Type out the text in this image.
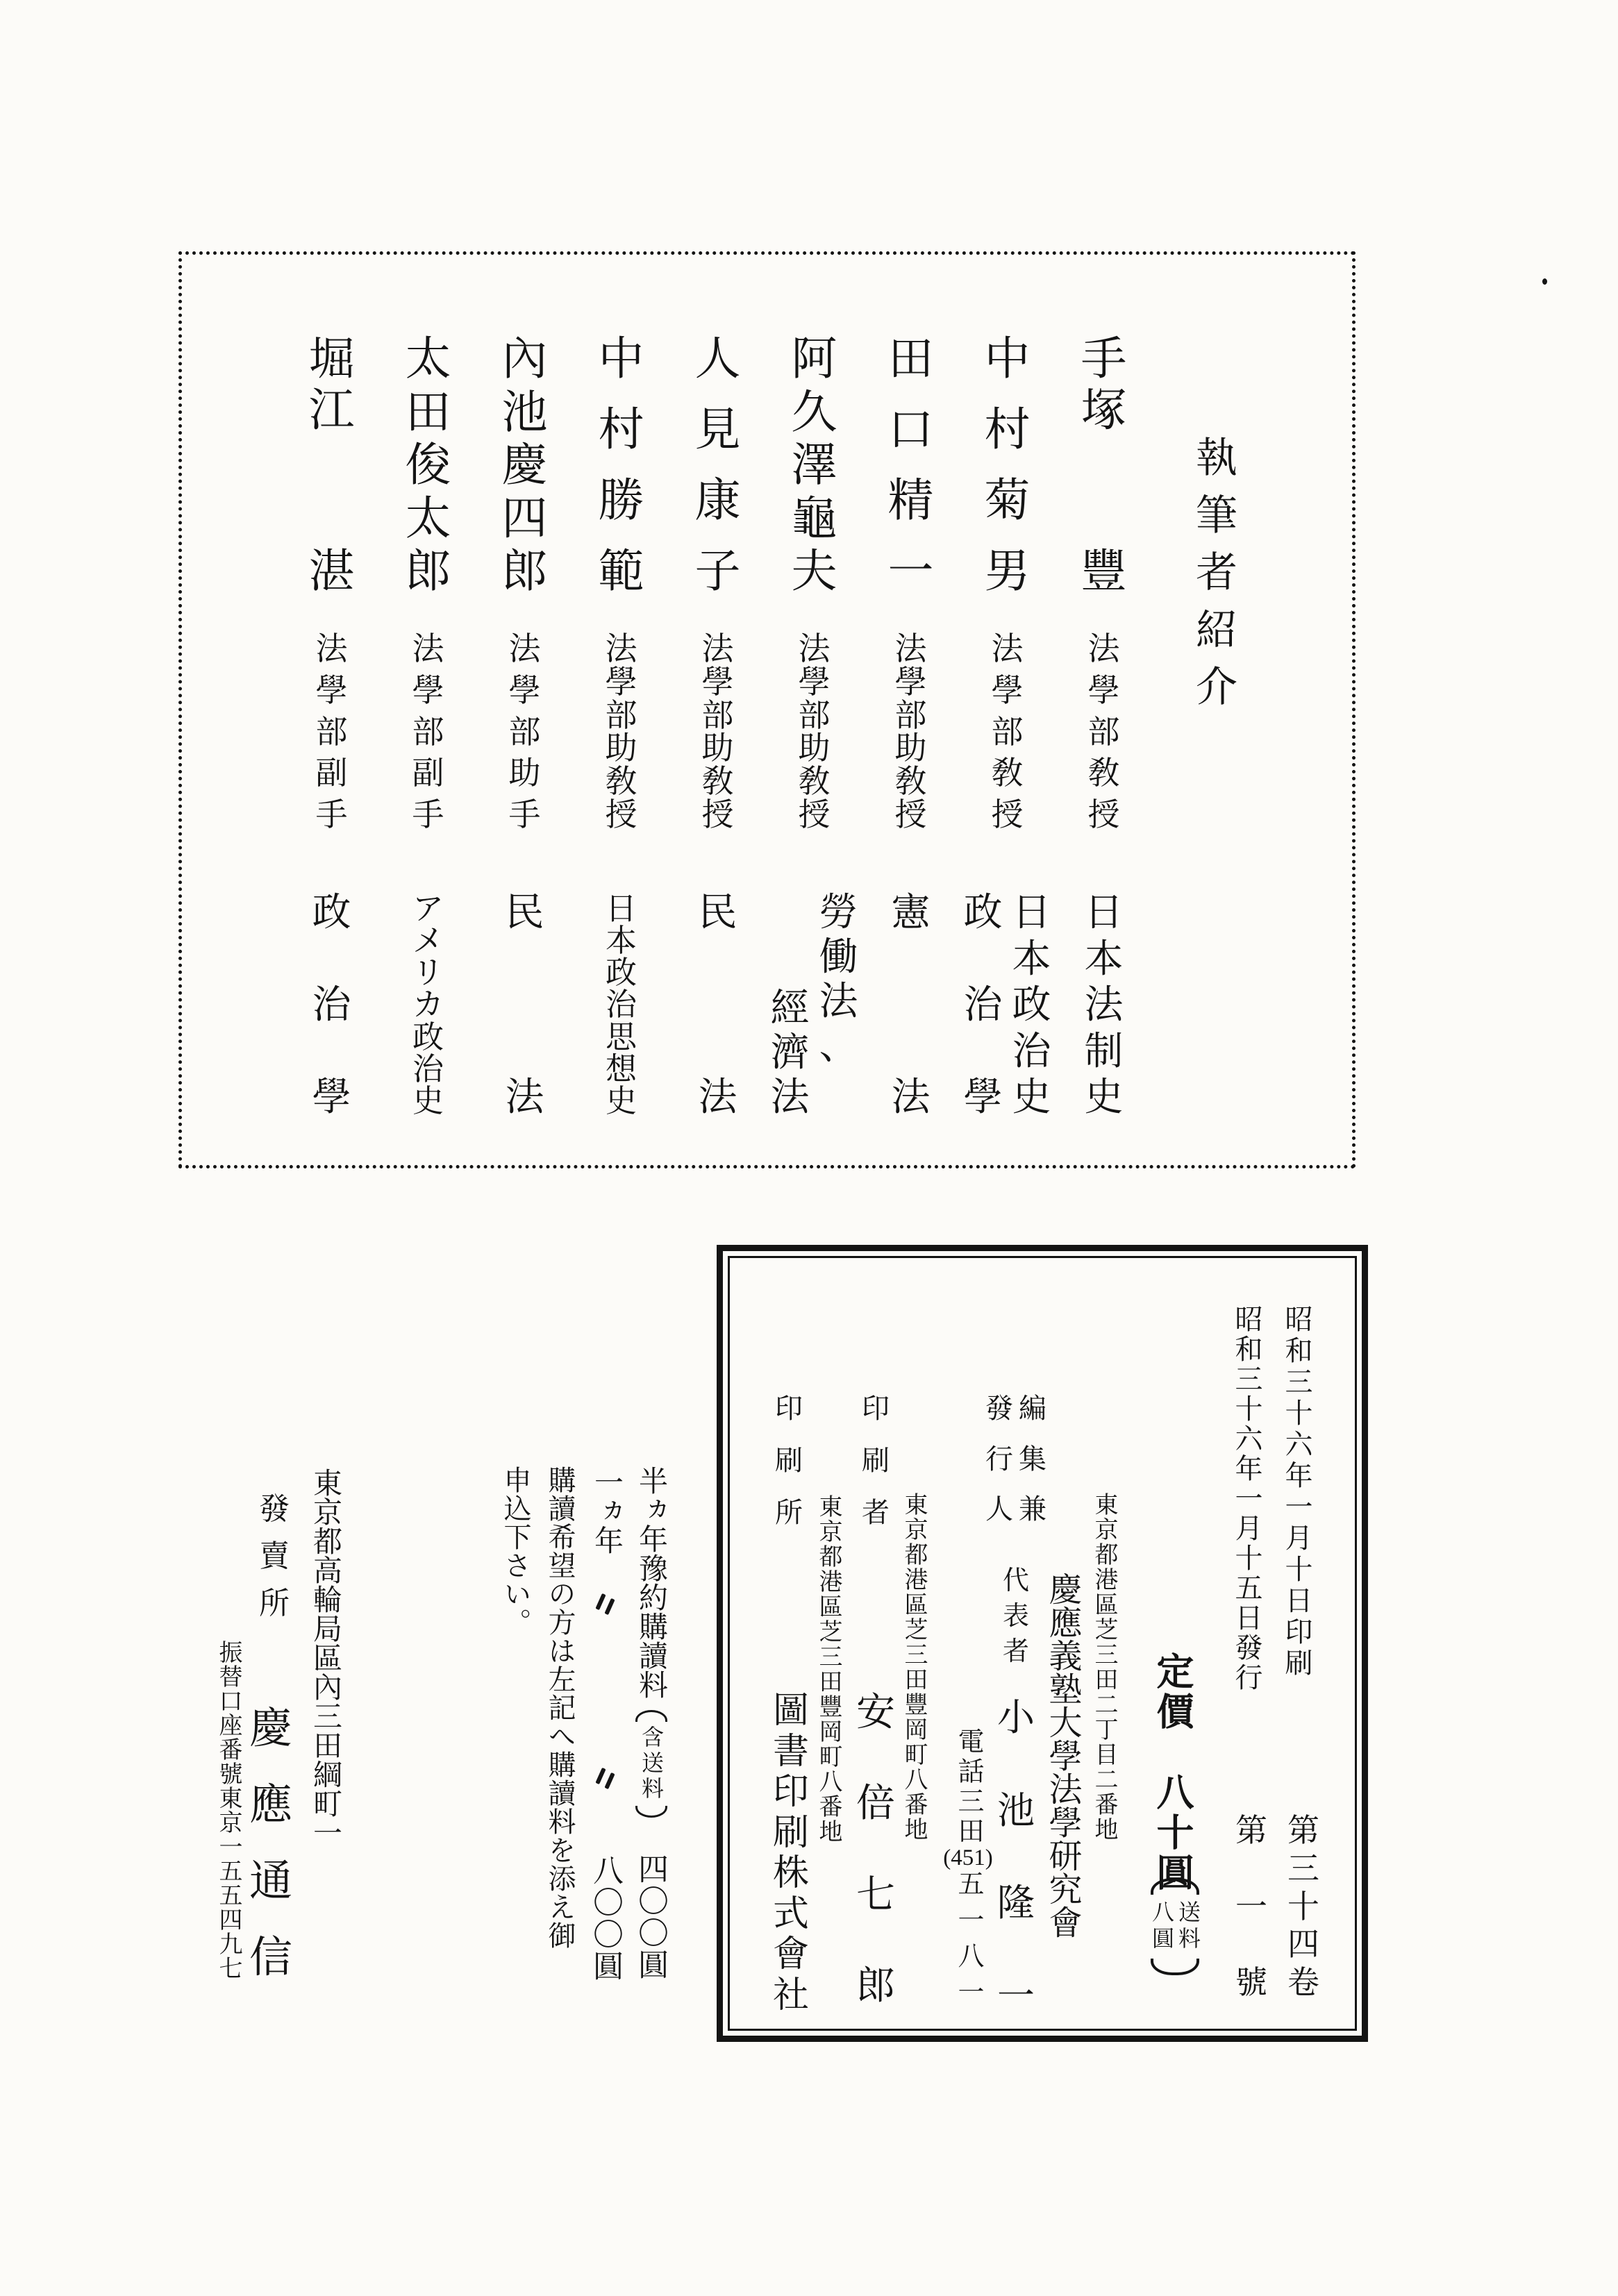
執
筆
者
紹
介
手
塚
豐
法
學
部
敎
授
日
本
法
制
史
中
村
菊
男
法
學
部
敎
授
日
本
政
治
史
政
治
學
田
口
精
一
法
學
部
助
敎
授
憲
法
阿
久
澤
龜
夫
法
學
部
助
敎
授
勞
働
法
、
經
濟
法
人
見
康
子
法
學
部
助
敎
授
民
法
中
村
勝
範
法
學
部
助
敎
授
日
本
政
治
思
想
史
內
池
慶
四
郎
法
學
部
助
手
民
法
太
田
俊
太
郎
法
學
部
副
手
ア
メ
リ
カ
政
治
史
堀
江
湛
法
學
部
副
手
政
治
學
昭和三十六年一月十日印刷
昭和三十六年一月十五日發行
第
三
十
四
卷
第
一
號
定價　八十圓
送料
八圓
東京都港區芝三田二丁目二番地
慶應義塾大學法學研究會
編
集
兼
發
行
人
代
表
者
小
池
隆
一
電話三田
(451)
五一八一
東京都港區芝三田豐岡町八番地
印
刷
者
安
倍
七
郎
東京都港區芝三田豐岡町八番地
印
刷
所
圖
書
印
刷
株
式
會
社
半ヵ年豫約購讀料
含送料
四〇〇圓
一ヵ年
八〇〇圓
購讀希望の方は左記へ購讀料を添え御
申込下さい。
東京都高輪局區內三田綱町一
發
賣
所
慶
應
通
信
振替口座番號東京一五五四九七
